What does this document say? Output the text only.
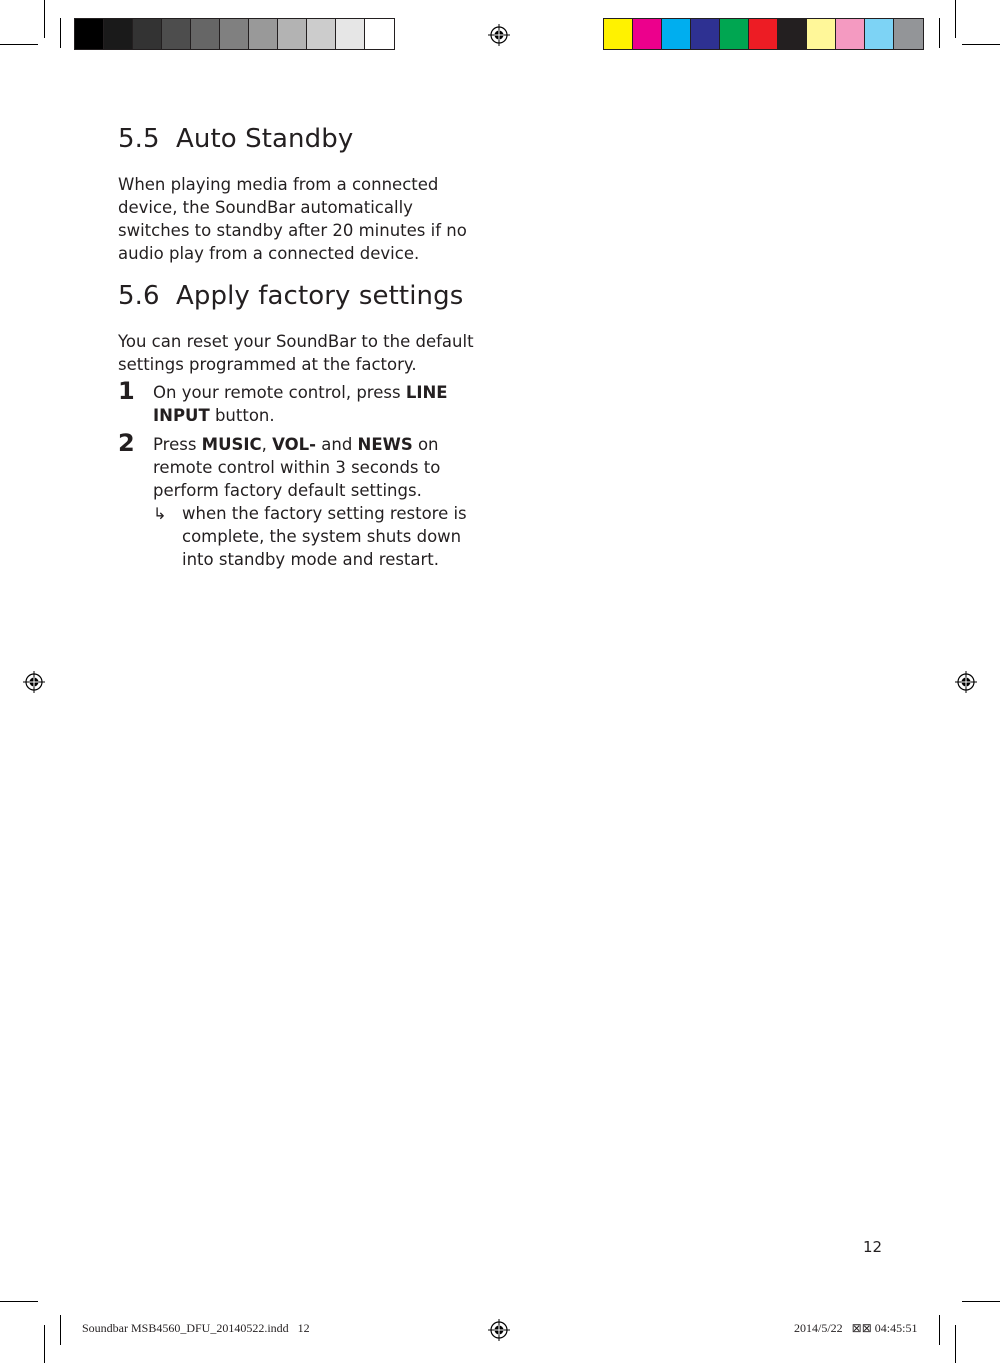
5.5 Auto Standby
When playing media from a connected device, the SoundBar automatically switches to standby after 20 minutes if no audio play from a connected device.
5.6 Apply factory settings
You can reset your SoundBar to the default settings programmed at the factory.
1 On your remote control, press LINE INPUT button.
2 Press MUSIC, VOL- and NEWS on remote control within 3 seconds to perform factory default settings.
↳ when the factory setting restore is complete, the system shuts down into standby mode and restart.
12
Soundbar MSB4560_DFU_20140522.indd   12	2014/5/22   ⊠⊠ 04:45:51
